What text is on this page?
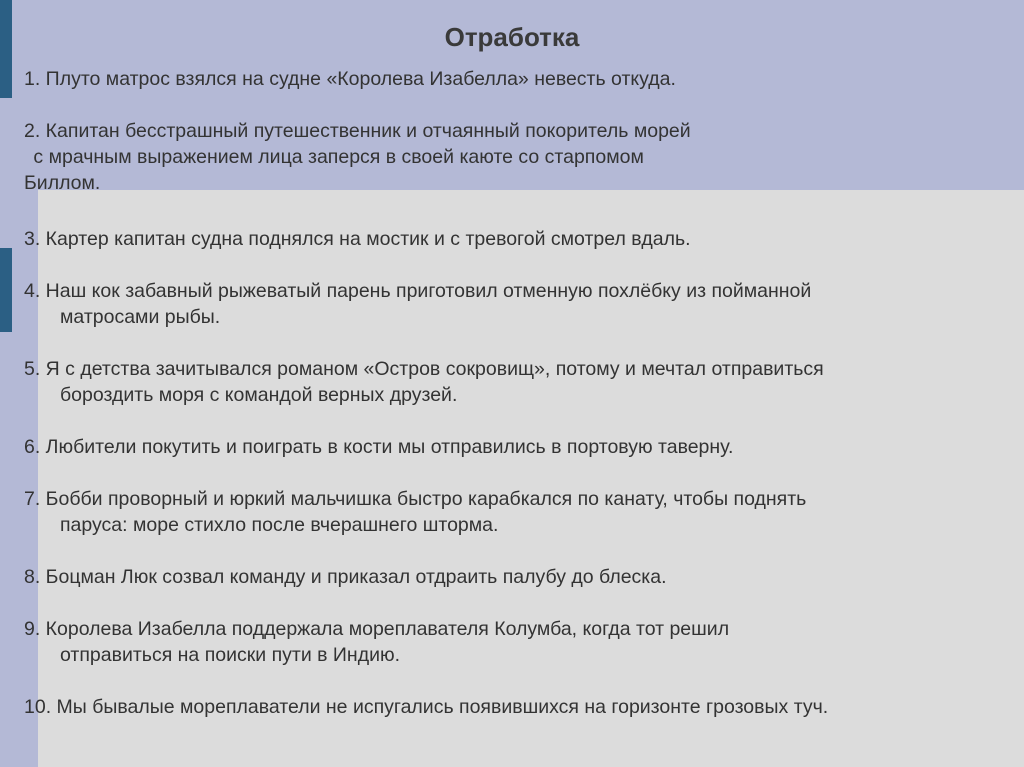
Отработка
1. Плуто матрос взялся на судне «Королева Изабелла» невесть откуда.
2. Капитан бесстрашный путешественник и отчаянный покоритель морей
с мрачным выражением лица заперся в своей каюте со старпомом
Биллом.
3. Картер капитан судна поднялся на мостик и с тревогой смотрел вдаль.
4. Наш кок забавный рыжеватый парень приготовил отменную похлёбку из пойманной
матросами рыбы.
5. Я с детства зачитывался романом «Остров сокровищ», потому и мечтал отправиться
бороздить моря с командой верных друзей.
6. Любители покутить и поиграть в кости мы отправились в портовую таверну.
7. Бобби проворный и юркий мальчишка быстро карабкался по канату, чтобы поднять
паруса: море стихло после вчерашнего шторма.
8. Боцман Люк созвал команду и приказал отдраить палубу до блеска.
9. Королева Изабелла поддержала мореплавателя Колумба, когда тот решил
отправиться на поиски пути в Индию.
10. Мы бывалые мореплаватели не испугались появившихся на горизонте грозовых туч.
